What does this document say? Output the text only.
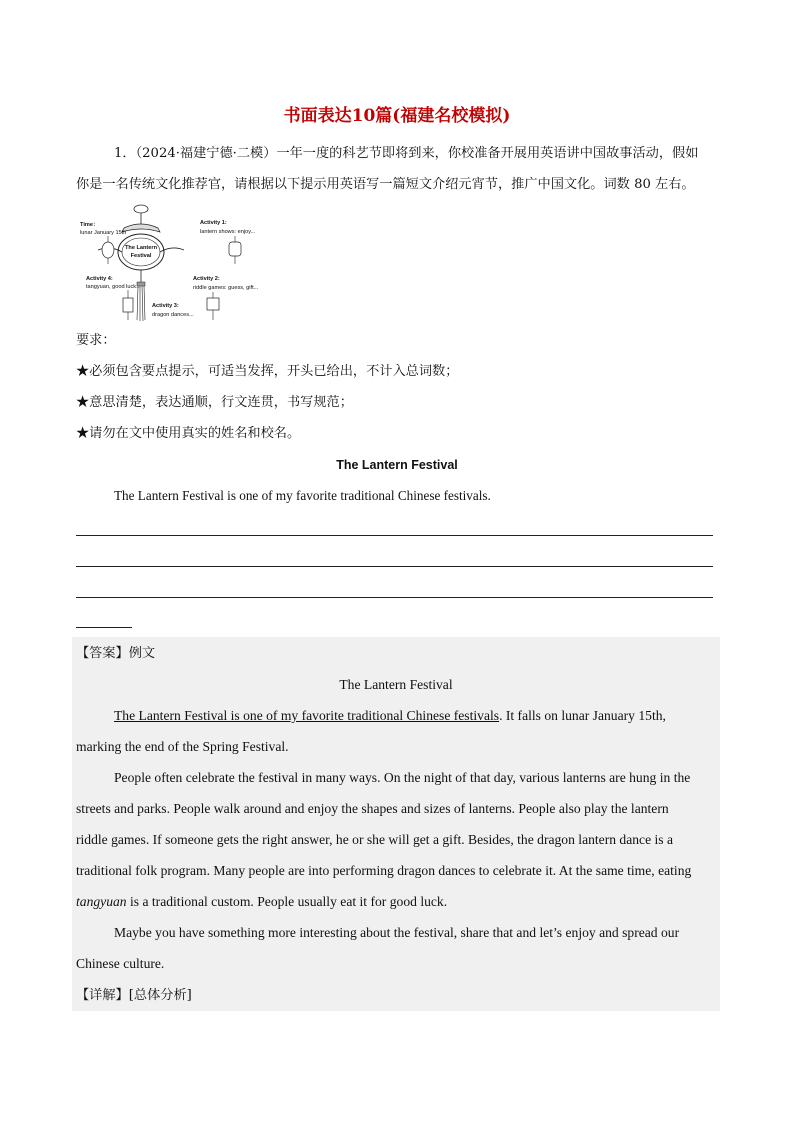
书面表达10篇(福建名校模拟)
1．（2024·福建宁德·二模）一年一度的科艺节即将到来，你校准备开展用英语讲中国故事活动，假如
你是一名传统文化推荐官，请根据以下提示用英语写一篇短文介绍元宵节，推广中国文化。词数 80 左右。
The Lantern
Festival
Time：
lunar January 15th
Activity 1:
lantern shows: enjoy...
Activity 4:
tangyuan, good luck...
Activity 2:
riddle games: guess, gift...
Activity 3:
dragon dances...
要求：
★必须包含要点提示，可适当发挥，开头已给出，不计入总词数；
★意思清楚，表达通顺，行文连贯，书写规范；
★请勿在文中使用真实的姓名和校名。
The Lantern Festival
The Lantern Festival is one of my favorite traditional Chinese festivals.
【答案】例文
The Lantern Festival
The Lantern Festival is one of my favorite traditional Chinese festivals. It falls on lunar January 15th,
marking the end of the Spring Festival.
People often celebrate the festival in many ways. On the night of that day, various lanterns are hung in the
streets and parks. People walk around and enjoy the shapes and sizes of lanterns. People also play the lantern
riddle games. If someone gets the right answer, he or she will get a gift. Besides, the dragon lantern dance is a
traditional folk program. Many people are into performing dragon dances to celebrate it. At the same time, eating
tangyuan is a traditional custom. People usually eat it for good luck.
Maybe you have something more interesting about the festival, share that and let’s enjoy and spread our
Chinese culture.
【详解】[总体分析]
